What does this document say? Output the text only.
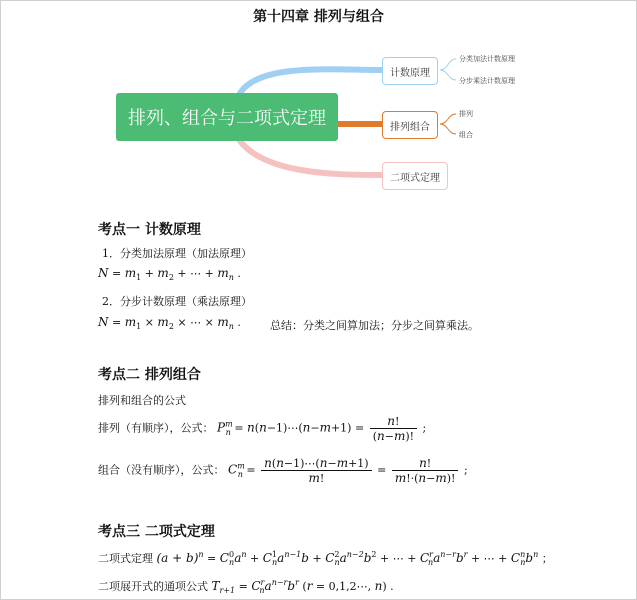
第十四章 排列与组合
排列、组合与二项式定理
计数原理
排列组合
二项式定理
分类加法计数原理
分步乘法计数原理
排列
组合
考点一 计数原理
1．分类加法原理（加法原理）
$N = m_1 + m_2$ + ⋯ + $m_n$ .
2．分步计数原理（乘法原理）
$N = m_1 \times m_2$ × ⋯ × $m_n$ .	总结：分类之间算加法；分步之间算乘法。
考点二 排列组合
排列和组合的公式
排列（有顺序），公式： $P^m_n$ = n(n−1)⋯(n−m+1) = $\frac{n!}{(n-m)!}$ ;
组合（没有顺序），公式： $C^m_n = \frac{n(n-1)\cdots(n-m+1)}{m!} = \frac{n!}{m!\cdot(n-m)!}$ ;
考点三 二项式定理
二项式定理 $(a + b)^n = C^0_na^n + C^1_na^{n-1}b + C^2_na^{n-2}b^2$ + ⋯ + $C^r_na^{n-r}b^r$ + ⋯ + $C^n_nb^n$ ；
二项展开式的通项公式 $T_{r+1} = C^r_na^{n-r}b^r$ (r = 0,1,2⋯, n) .
